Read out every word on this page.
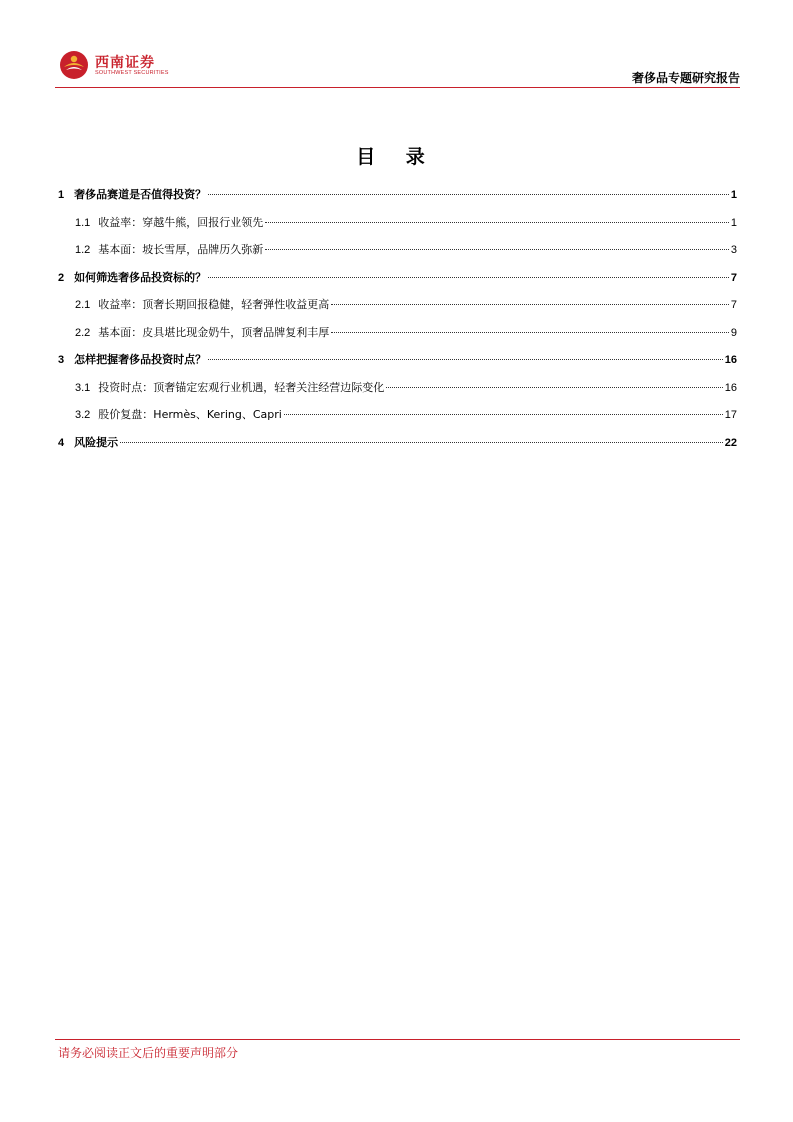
西南证券
SOUTHWEST SECURITIES	奢侈品专题研究报告
目 录
1 奢侈品赛道是否值得投资？	1
1.1 收益率：穿越牛熊，回报行业领先	1
1.2 基本面：坡长雪厚，品牌历久弥新	3
2 如何筛选奢侈品投资标的？	7
2.1 收益率：顶奢长期回报稳健，轻奢弹性收益更高	7
2.2 基本面：皮具堪比现金奶牛，顶奢品牌复利丰厚	9
3 怎样把握奢侈品投资时点？	16
3.1 投资时点：顶奢锚定宏观行业机遇，轻奢关注经营边际变化	16
3.2 股价复盘：Hermès、Kering、Capri	17
4 风险提示	22
请务必阅读正文后的重要声明部分
